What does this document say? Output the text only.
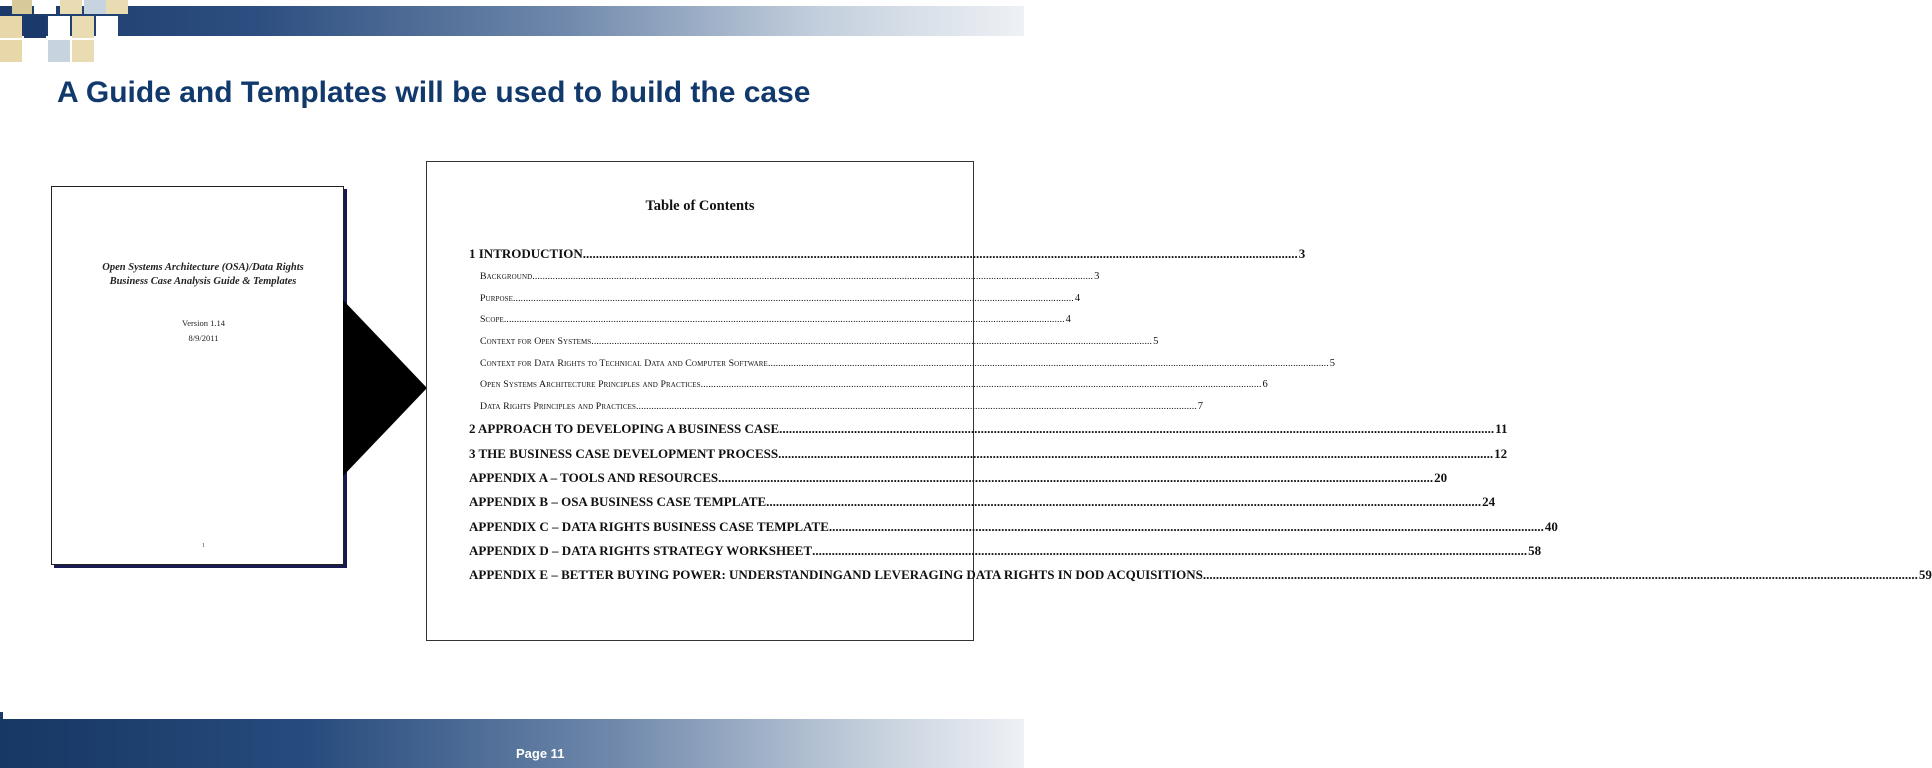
A Guide and Templates will be used to build the case
Open Systems Architecture (OSA)/Data Rights Business Case Analysis Guide & Templates
Version 1.14
8/9/2011
1
Table of Contents
1 INTRODUCTION .....	3
Background .....	3
Purpose .....	4
Scope .....	4
Context for Open Systems .....	5
Context for Data Rights to Technical Data and Computer Software .....	5
Open Systems Architecture Principles and Practices .....	6
Data Rights Principles and Practices .....	7
2 APPROACH TO DEVELOPING A BUSINESS CASE .....	11
3 THE BUSINESS CASE DEVELOPMENT PROCESS .....	12
APPENDIX A – TOOLS AND RESOURCES .....	20
APPENDIX B – OSA BUSINESS CASE TEMPLATE .....	24
APPENDIX C – DATA RIGHTS BUSINESS CASE TEMPLATE .....	40
APPENDIX D – DATA RIGHTS STRATEGY WORKSHEET .....	58
APPENDIX E – BETTER BUYING POWER: UNDERSTANDING AND LEVERAGING DATA RIGHTS IN DOD ACQUISITIONS .....	59
Page 11
